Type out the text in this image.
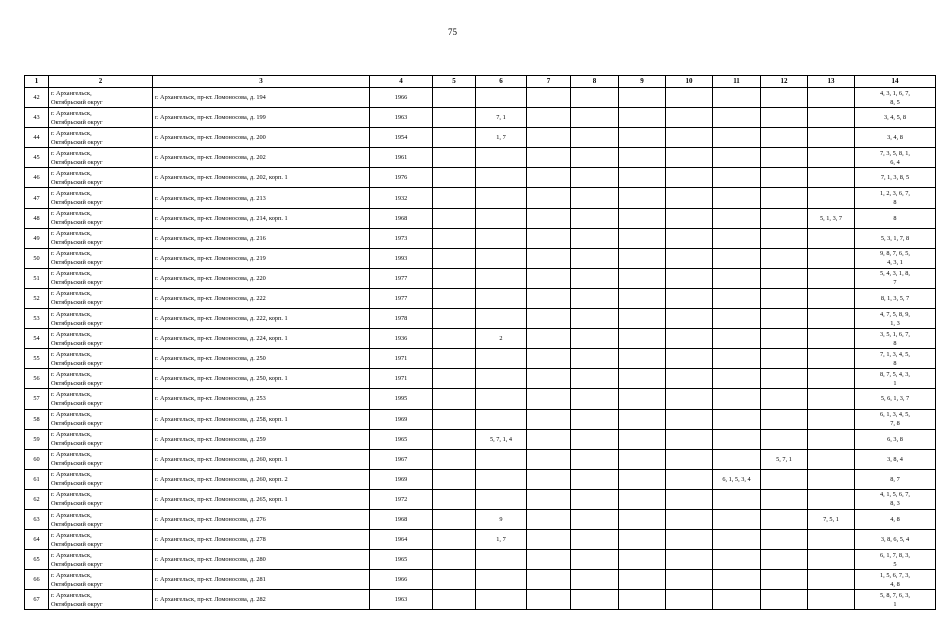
75
1	2	3	4	5	6	7	8	9	10	11	12	13	14
42	г. Архангельск,
Октябрьский округ	г. Архангельск, пр-кт. Ломоносова, д. 194	1966										4, 3, 1, 6, 7,
8, 5

43	г. Архангельск,
Октябрьский округ	г. Архангельск, пр-кт. Ломоносова, д. 199	1963		7, 1								3, 4, 5, 8

44	г. Архангельск,
Октябрьский округ	г. Архангельск, пр-кт. Ломоносова, д. 200	1954		1, 7								3, 4, 8

45	г. Архангельск,
Октябрьский округ	г. Архангельск, пр-кт. Ломоносова, д. 202	1961										7, 3, 5, 8, 1,
6, 4

46	г. Архангельск,
Октябрьский округ	г. Архангельск, пр-кт. Ломоносова, д. 202, корп. 1	1976										7, 1, 3, 8, 5

47	г. Архангельск,
Октябрьский округ	г. Архангельск, пр-кт. Ломоносова, д. 213	1932										1, 2, 3, 6, 7,
8

48	г. Архангельск,
Октябрьский округ	г. Архангельск, пр-кт. Ломоносова, д. 214, корп. 1	1968									5, 1, 3, 7	8

49	г. Архангельск,
Октябрьский округ	г. Архангельск, пр-кт. Ломоносова, д. 216	1973										5, 3, 1, 7, 8

50	г. Архангельск,
Октябрьский округ	г. Архангельск, пр-кт. Ломоносова, д. 219	1993										9, 8, 7, 6, 5,
4, 3, 1

51	г. Архангельск,
Октябрьский округ	г. Архангельск, пр-кт. Ломоносова, д. 220	1977										5, 4, 3, 1, 8,
7

52	г. Архангельск,
Октябрьский округ	г. Архангельск, пр-кт. Ломоносова, д. 222	1977										8, 1, 3, 5, 7

53	г. Архангельск,
Октябрьский округ	г. Архангельск, пр-кт. Ломоносова, д. 222, корп. 1	1978										4, 7, 5, 8, 9,
1, 3

54	г. Архангельск,
Октябрьский округ	г. Архангельск, пр-кт. Ломоносова, д. 224, корп. 1	1936		2								3, 5, 1, 6, 7,
8

55	г. Архангельск,
Октябрьский округ	г. Архангельск, пр-кт. Ломоносова, д. 250	1971										7, 1, 3, 4, 5,
8

56	г. Архангельск,
Октябрьский округ	г. Архангельск, пр-кт. Ломоносова, д. 250, корп. 1	1971										8, 7, 5, 4, 3,
1

57	г. Архангельск,
Октябрьский округ	г. Архангельск, пр-кт. Ломоносова, д. 253	1995										5, 6, 1, 3, 7

58	г. Архангельск,
Октябрьский округ	г. Архангельск, пр-кт. Ломоносова, д. 258, корп. 1	1969										6, 1, 3, 4, 5,
7, 8

59	г. Архангельск,
Октябрьский округ	г. Архангельск, пр-кт. Ломоносова, д. 259	1965		5, 7, 1, 4								6, 3, 8

60	г. Архангельск,
Октябрьский округ	г. Архангельск, пр-кт. Ломоносова, д. 260, корп. 1	1967								5, 7, 1		3, 8, 4

61	г. Архангельск,
Октябрьский округ	г. Архангельск, пр-кт. Ломоносова, д. 260, корп. 2	1969							6, 1, 5, 3, 4			8, 7

62	г. Архангельск,
Октябрьский округ	г. Архангельск, пр-кт. Ломоносова, д. 265, корп. 1	1972										4, 1, 5, 6, 7,
8, 3

63	г. Архангельск,
Октябрьский округ	г. Архангельск, пр-кт. Ломоносова, д. 276	1968		9							7, 5, 1	4, 8

64	г. Архангельск,
Октябрьский округ	г. Архангельск, пр-кт. Ломоносова, д. 278	1964		1, 7								3, 8, 6, 5, 4

65	г. Архангельск,
Октябрьский округ	г. Архангельск, пр-кт. Ломоносова, д. 280	1965										6, 1, 7, 8, 3,
5

66	г. Архангельск,
Октябрьский округ	г. Архангельск, пр-кт. Ломоносова, д. 281	1966										1, 5, 6, 7, 3,
4, 8

67	г. Архангельск,
Октябрьский округ	г. Архангельск, пр-кт. Ломоносова, д. 282	1963										5, 8, 7, 6, 3,
1
